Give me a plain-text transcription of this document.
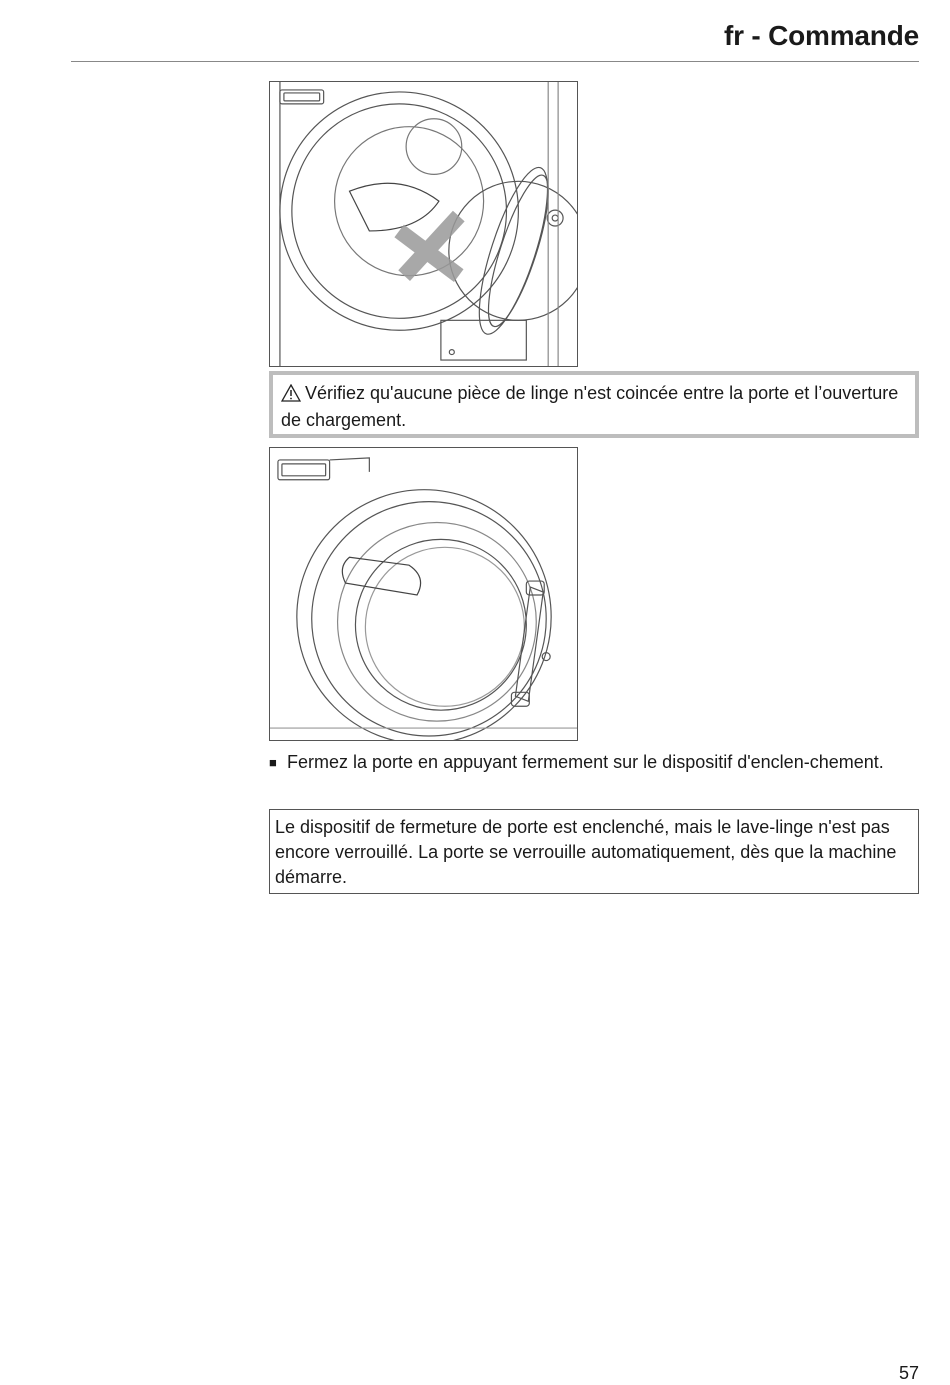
fr - Commande
Vérifiez qu'aucune pièce de linge n'est coincée entre la porte et l’ouverture de chargement.
■ Fermez la porte en appuyant fermement sur le dispositif d'enclen-chement.
Le dispositif de fermeture de porte est enclenché, mais le lave-linge n'est pas encore verrouillé. La porte se verrouille automatiquement, dès que la machine démarre.
57
